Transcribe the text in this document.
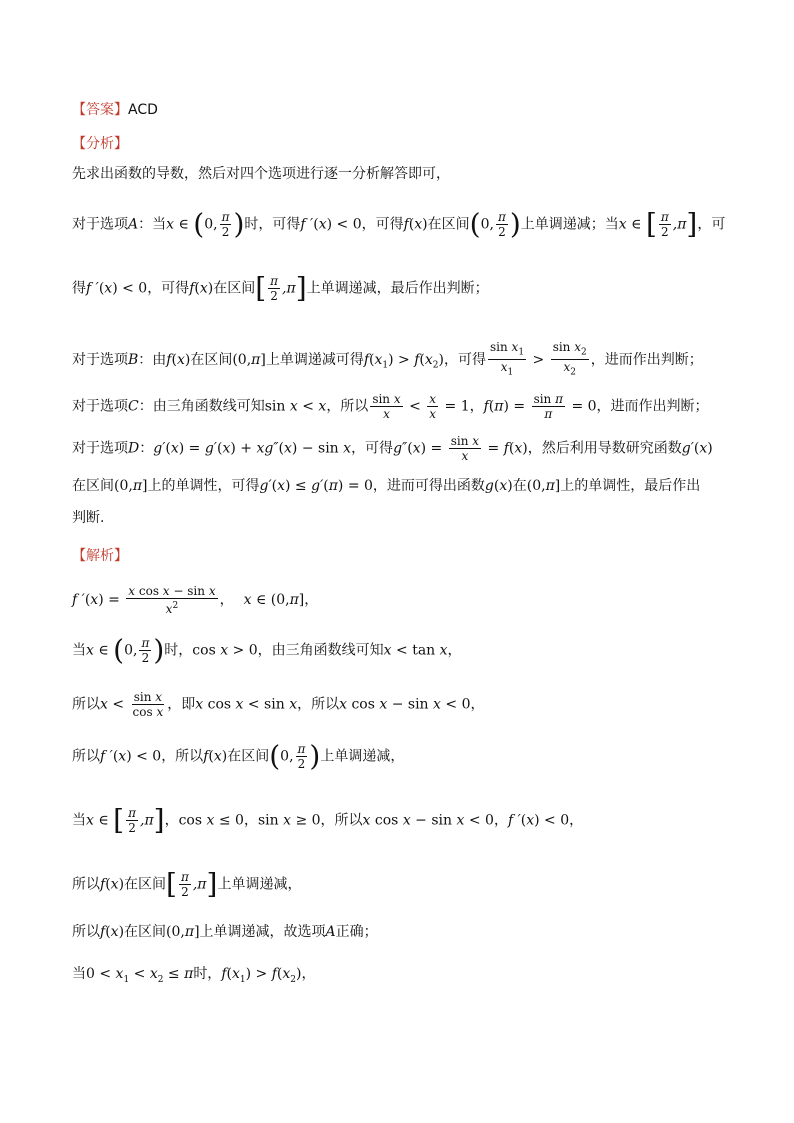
【答案】ACD
【分析】
先求出函数的导数，然后对四个选项进行逐一分析解答即可，
对于选项A：当x ∈ (0, $\frac{\pi}{2}$ )时，可得f ′(x) < 0，可得f(x)在区间(0, $\frac{\pi}{2}$ )上单调递减；当x ∈ [ $\frac{\pi}{2} ,\pi$]，可
得f ′(x) < 0，可得f(x)在区间[ $\frac{\pi}{2} ,\pi$]上单调递减，最后作出判断；
对于选项B：由f(x)在区间(0,π]上单调递减可得$f(x_1) > f(x_2)$，可得 $\frac{\sin x_1}{x_1} > \frac{\sin x_2}{x_2}$ ，进而作出判断；
对于选项C：由三角函数线可知sin x < x，所以 $\frac{\text{sin x}}{x} < \frac{x}{x} = 1$，$f(\pi) = \frac{\text{sin π}}{\pi} = 0$，进而作出判断；
对于选项D：g′(x) = g′(x) + xg″(x) − sin x，可得$g''(x) = \frac{\text{sin x}}{x} = f(x)$，然后利用导数研究函数g′(x)
在区间(0,π]上的单调性，可得g′(x) ≤ g′(π) = 0，进而可得出函数g(x)在(0,π]上的单调性，最后作出
判断.
【解析】
f $'(x) = \frac{\text{x cos x − sin x}}{x^2}$ ， x ∈ (0,π]，
当x ∈ (0, $\frac{\pi}{2}$ )时，cos x > 0，由三角函数线可知x < tan x，
所以$x < \frac{\text{sin x}}{\text{cos x}}$ ，即x cos x < sin x，所以x cos x − sin x < 0，
所以f ′(x) < 0，所以f(x)在区间(0, $\frac{\pi}{2}$ )上单调递减，
当x ∈ [ $\frac{\pi}{2} ,\pi$]，cos x ≤ 0，sin x ≥ 0，所以x cos x − sin x < 0，f ′(x) < 0，
所以f(x)在区间[ $\frac{\pi}{2} ,\pi$]上单调递减，
所以f(x)在区间(0,π]上单调递减，故选项A正确；
当$0 < x_1 < x_2 \le \pi$时，$f(x_1) > f(x_2)$，
